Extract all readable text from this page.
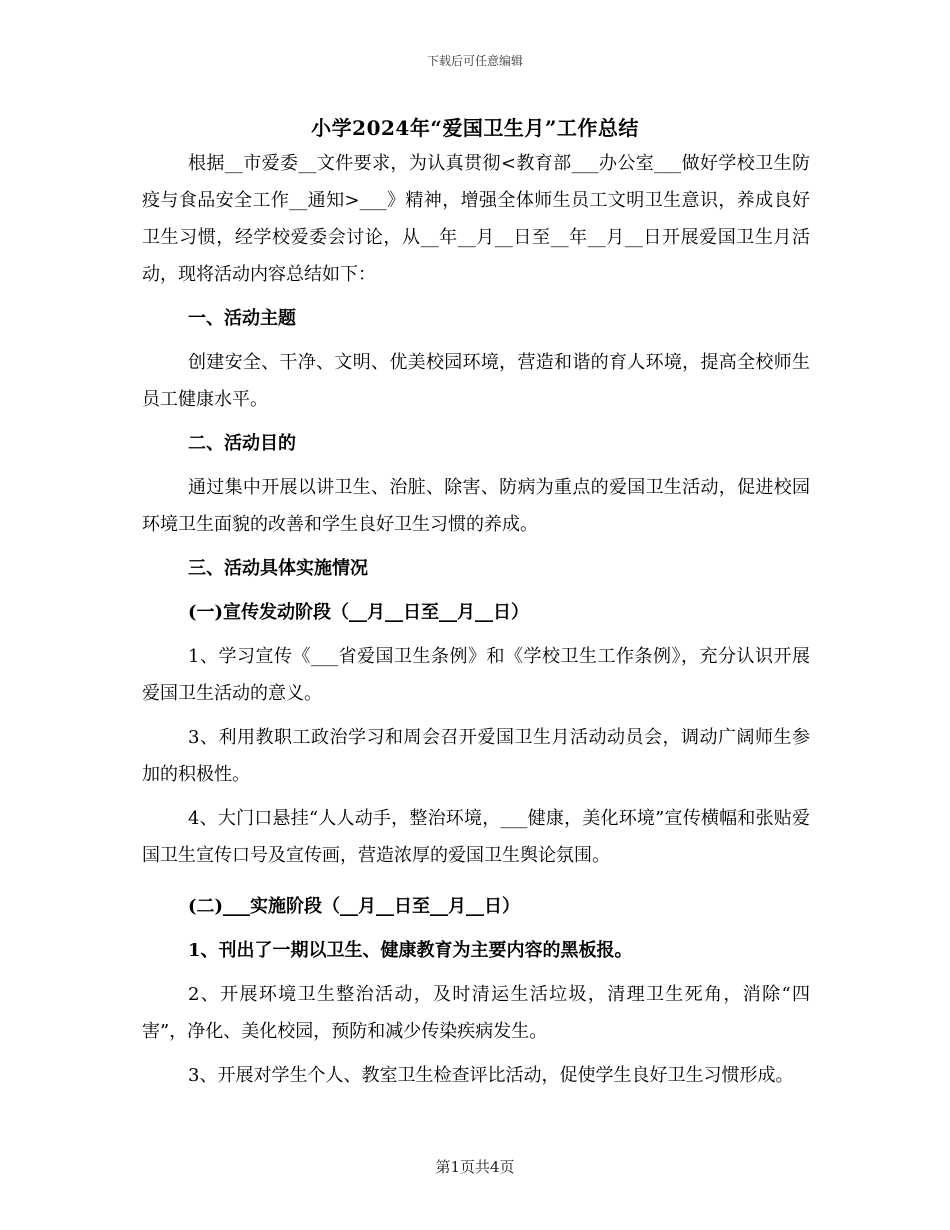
下载后可任意编辑
小学2024年“爱国卫生月”工作总结

根据__市爱委__文件要求，为认真贯彻<教育部___办公室___做好学校卫生防疫与食品安全工作__通知>___》精神，增强全体师生员工文明卫生意识，养成良好卫生习惯，经学校爱委会讨论，从__年__月__日至__年__月__日开展爱国卫生月活动，现将活动内容总结如下：

一、活动主题

创建安全、干净、文明、优美校园环境，营造和谐的育人环境，提高全校师生员工健康水平。

二、活动目的

通过集中开展以讲卫生、治脏、除害、防病为重点的爱国卫生活动，促进校园环境卫生面貌的改善和学生良好卫生习惯的养成。

三、活动具体实施情况

(一)宣传发动阶段（__月__日至__月__日）

1、学习宣传《___省爱国卫生条例》和《学校卫生工作条例》，充分认识开展爱国卫生活动的意义。

3、利用教职工政治学习和周会召开爱国卫生月活动动员会，调动广阔师生参加的积极性。

4、大门口悬挂“人人动手，整治环境，___健康，美化环境”宣传横幅和张贴爱国卫生宣传口号及宣传画，营造浓厚的爱国卫生舆论氛围。

(二)___实施阶段（__月__日至__月__日）

1、刊出了一期以卫生、健康教育为主要内容的黑板报。

2、开展环境卫生整治活动，及时清运生活垃圾，清理卫生死角，消除“四害”，净化、美化校园，预防和减少传染疾病发生。

3、开展对学生个人、教室卫生检查评比活动，促使学生良好卫生习惯形成。

第1页共4页
